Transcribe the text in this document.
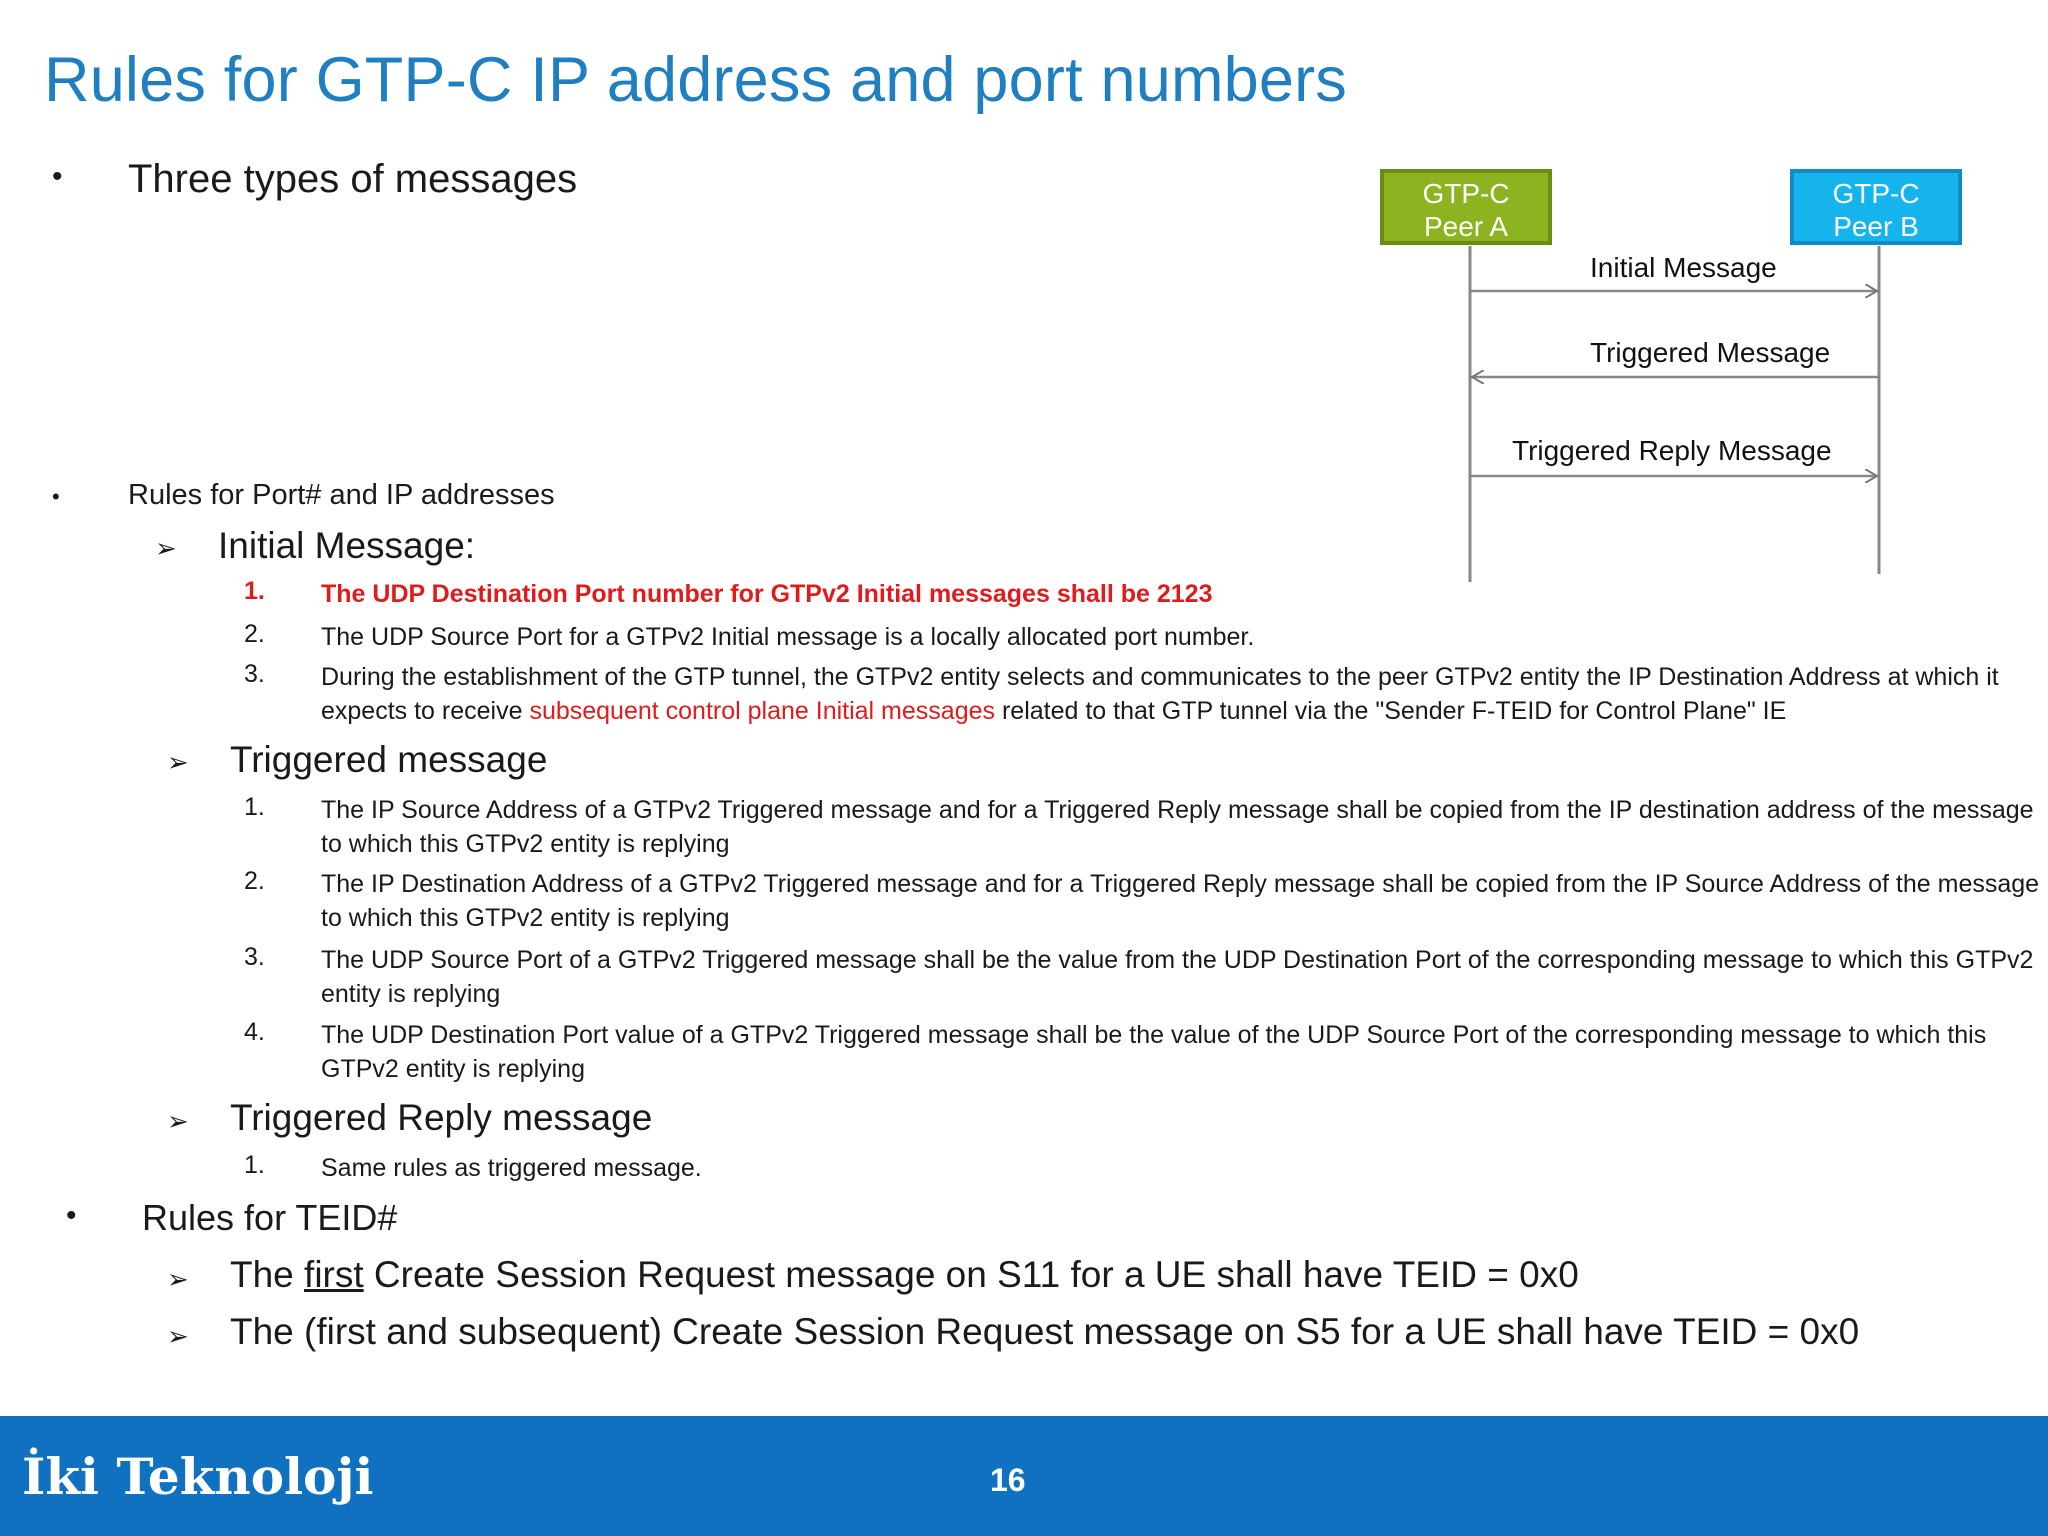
Rules for GTP-C IP address and port numbers
• Three types of messages
• Rules for Port# and IP addresses
➢ Initial Message:
1.	The UDP Destination Port number for GTPv2 Initial messages shall be 2123
2.	The UDP Source Port for a GTPv2 Initial message is a locally allocated port number.
3.	During the establishment of the GTP tunnel, the GTPv2 entity selects and communicates to the peer GTPv2 entity the IP Destination Address at which it expects to receive subsequent control plane Initial messages related to that GTP tunnel via the "Sender F-TEID for Control Plane" IE
➢ Triggered message
1.	The IP Source Address of a GTPv2 Triggered message and for a Triggered Reply message shall be copied from the IP destination address of the message to which this GTPv2 entity is replying
2.	The IP Destination Address of a GTPv2 Triggered message and for a Triggered Reply message shall be copied from the IP Source Address of the message to which this GTPv2 entity is replying
3.	The UDP Source Port of a GTPv2 Triggered message shall be the value from the UDP Destination Port of the corresponding message to which this GTPv2 entity is replying
4.	The UDP Destination Port value of a GTPv2 Triggered message shall be the value of the UDP Source Port of the corresponding message to which this GTPv2 entity is replying
➢ Triggered Reply message
1.	Same rules as triggered message.
• Rules for TEID#
➢ The first Create Session Request message on S11 for a UE shall have TEID = 0x0
➢ The (first and subsequent) Create Session Request message on S5 for a UE shall have TEID = 0x0
GTP-C
Peer A
GTP-C
Peer B
Initial Message
Triggered Message
Triggered Reply Message
İki Teknoloji	16
